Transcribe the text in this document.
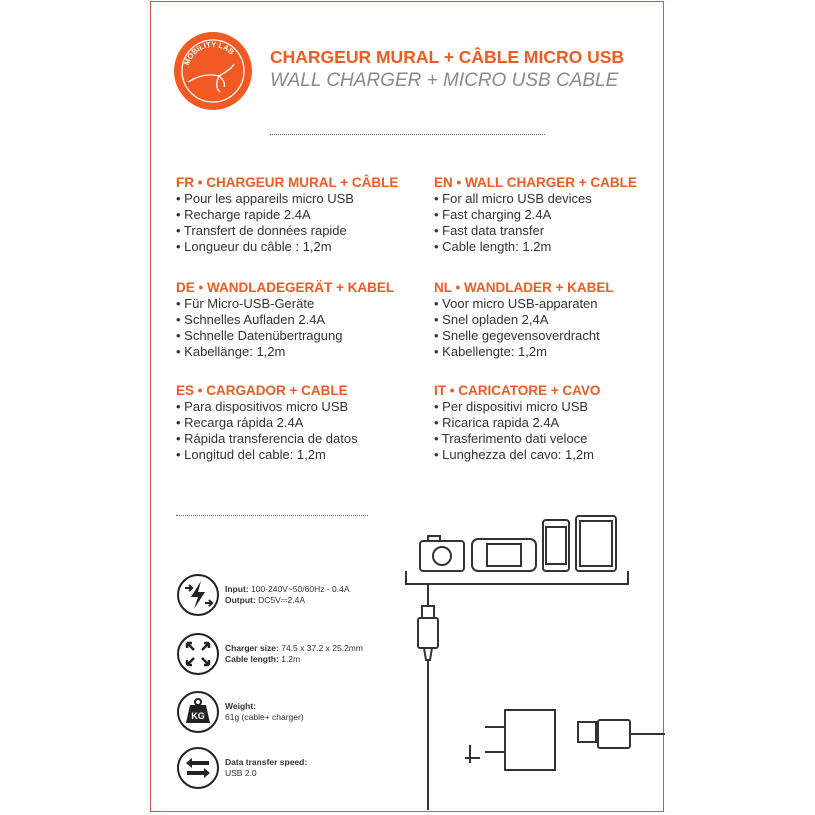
MOBILITY LAB CHARGEUR MURAL + CÂBLE MICRO USB
WALL CHARGER + MICRO USB CABLE
FR • CHARGEUR MURAL + CÂBLE
• Pour les appareils micro USB
• Recharge rapide 2.4A
• Transfert de données rapide
• Longueur du câble : 1,2m
EN • WALL CHARGER + CABLE
• For all micro USB devices
• Fast charging 2.4A
• Fast data transfer
• Cable length: 1.2m
DE • WANDLADEGERÄT + KABEL
• Für Micro-USB-Geräte
• Schnelles Aufladen 2.4A
• Schnelle Datenübertragung
• Kabellänge: 1,2m
NL • WANDLADER + KABEL
• Voor micro USB-apparaten
• Snel opladen 2,4A
• Snelle gegevensoverdracht
• Kabellengte: 1,2m
ES • CARGADOR + CABLE
• Para dispositivos micro USB
• Recarga rápida 2.4A
• Rápida transferencia de datos
• Longitud del cable: 1,2m
IT • CARICATORE + CAVO
• Per dispositivi micro USB
• Ricarica rapida 2.4A
• Trasferimento dati veloce
• Lunghezza del cavo: 1,2m
Input: 100-240V~50/60Hz - 0.4A
Output: DC5V⎓2.4A
Charger size: 74.5 x 37.2 x 25.2mm
Cable length: 1.2m
KG
Weight:
61g (cable+ charger)
Data transfer speed:
USB 2.0
